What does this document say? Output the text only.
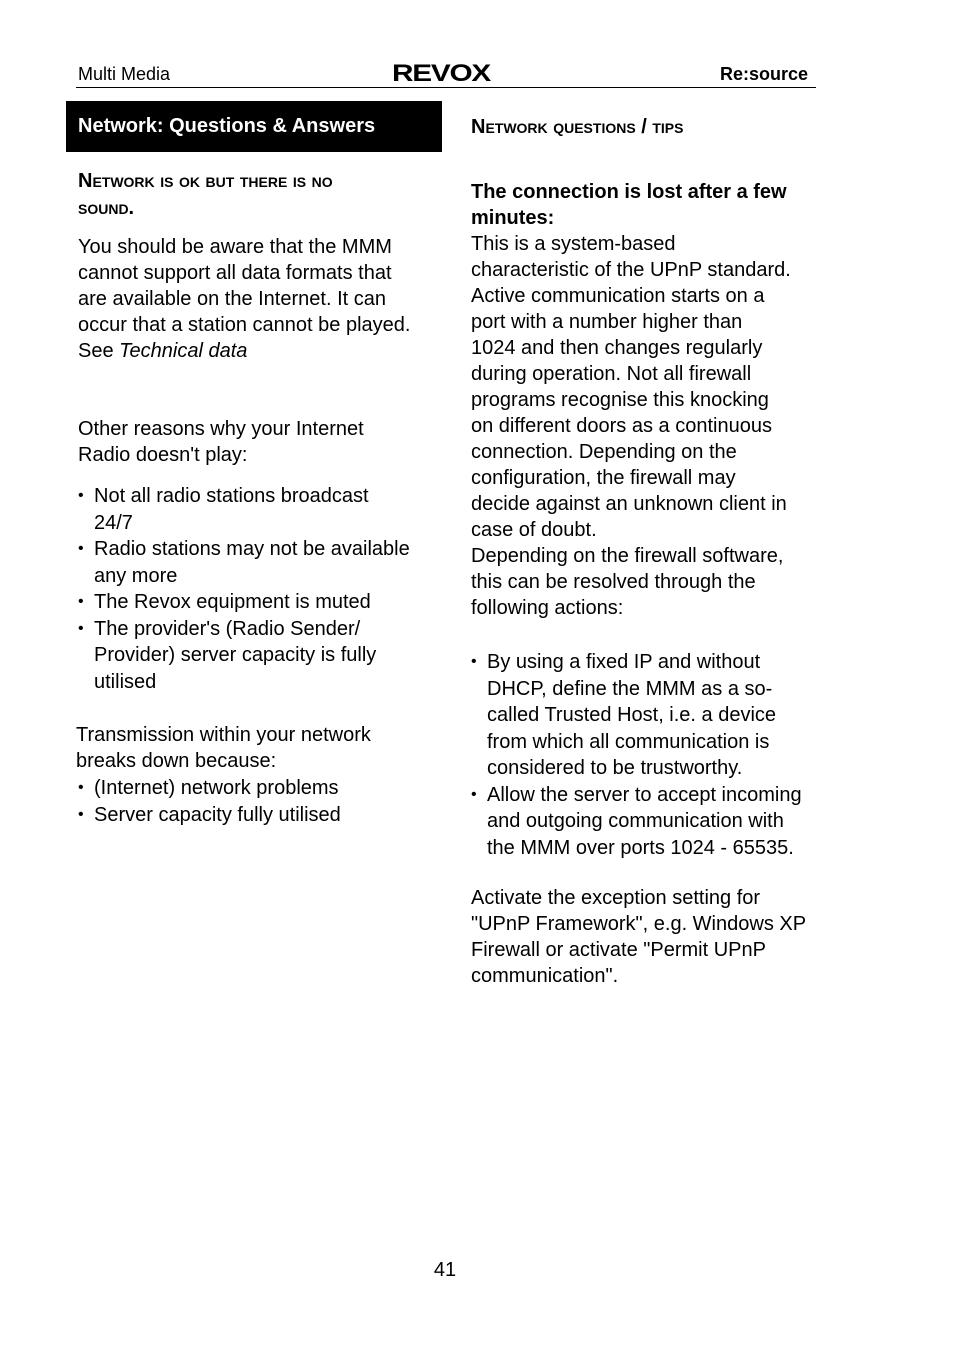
Multi Media	REVOX	Re:source
Network: Questions & Answers
Network is ok but there is no sound.

You should be aware that the MMM cannot support all data formats that are available on the Internet. It can occur that a station cannot be played. See Technical data

Other reasons why your Internet Radio doesn't play:
• Not all radio stations broadcast 24/7
• Radio stations may not be available any more
• The Revox equipment is muted
• The provider's (Radio Sender/ Provider) server capacity is fully utilised
Transmission within your network breaks down because:
• (Internet) network problems
• Server capacity fully utilised
Network questions / tips

The connection is lost after a few minutes:

This is a system-based characteristic of the UPnP standard. Active communication starts on a port with a number higher than 1024 and then changes regularly during operation. Not all firewall programs recognise this knocking on different doors as a continuous connection. Depending on the configuration, the firewall may decide against an unknown client in case of doubt.

Depending on the firewall software, this can be resolved through the following actions:

• By using a fixed IP and without DHCP, define the MMM as a so-called Trusted Host, i.e. a device from which all communication is considered to be trustworthy.
• Allow the server to accept incoming and outgoing communication with the MMM over ports 1024 - 65535.
Activate the exception setting for "UPnP Framework", e.g. Windows XP Firewall or activate "Permit UPnP communication".
41
